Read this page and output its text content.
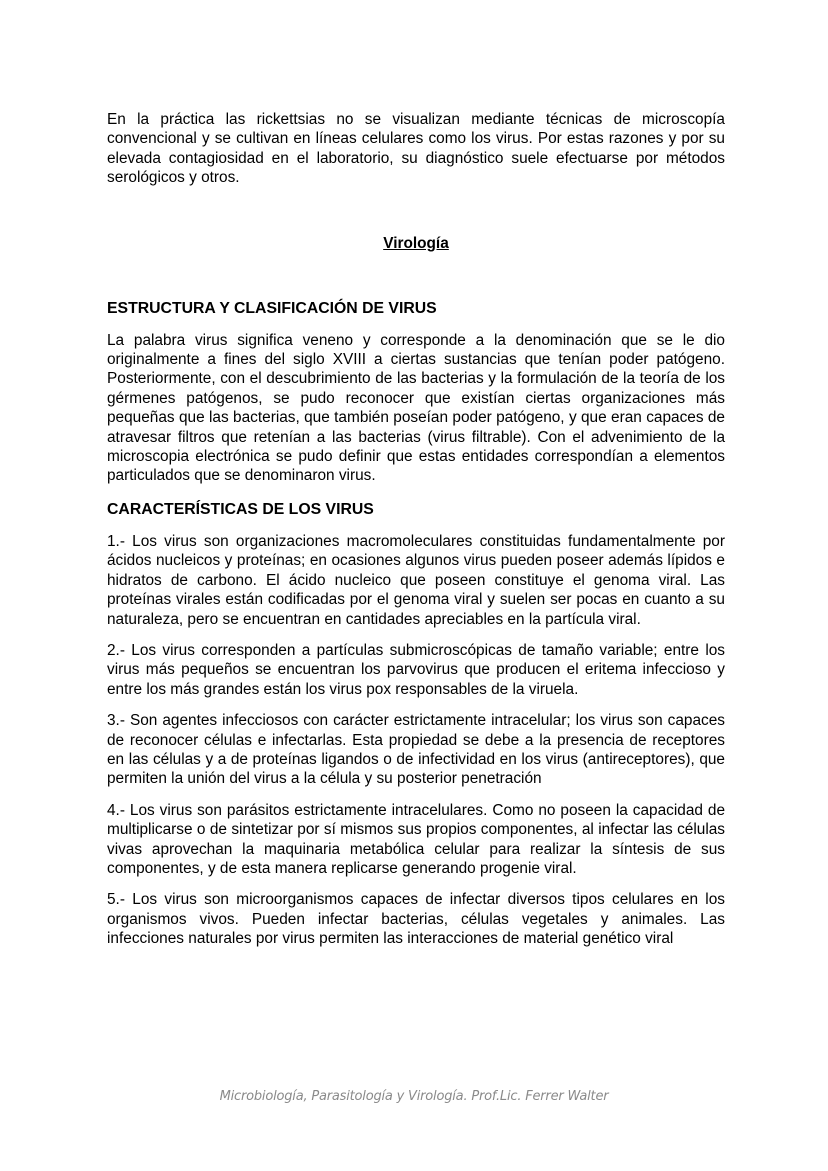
En la práctica las rickettsias no se visualizan mediante técnicas de microscopía convencional y se cultivan en líneas celulares como los virus. Por estas razones y por su elevada contagiosidad en el laboratorio, su diagnóstico suele efectuarse por métodos serológicos y otros.

Virología
ESTRUCTURA Y CLASIFICACIÓN DE VIRUS

La palabra virus significa veneno y corresponde a la denominación que se le dio originalmente a fines del siglo XVIII a ciertas sustancias que tenían poder patógeno. Posteriormente, con el descubrimiento de las bacterias y la formulación de la teoría de los gérmenes patógenos, se pudo reconocer que existían ciertas organizaciones más pequeñas que las bacterias, que también poseían poder patógeno, y que eran capaces de atravesar filtros que retenían a las bacterias (virus filtrable). Con el advenimiento de la microscopia electrónica se pudo definir que estas entidades correspondían a elementos particulados que se denominaron virus.

CARACTERÍSTICAS DE LOS VIRUS

1.- Los virus son organizaciones macromoleculares constituidas fundamentalmente por ácidos nucleicos y proteínas; en ocasiones algunos virus pueden poseer además lípidos e hidratos de carbono. El ácido nucleico que poseen constituye el genoma viral. Las proteínas virales están codificadas por el genoma viral y suelen ser pocas en cuanto a su naturaleza, pero se encuentran en cantidades apreciables en la partícula viral.

2.- Los virus corresponden a partículas submicroscópicas de tamaño variable; entre los virus más pequeños se encuentran los parvovirus que producen el eritema infeccioso y entre los más grandes están los virus pox responsables de la viruela.

3.- Son agentes infecciosos con carácter estrictamente intracelular; los virus son capaces de reconocer células e infectarlas. Esta propiedad se debe a la presencia de receptores en las células y a de proteínas ligandos o de infectividad en los virus (antireceptores), que permiten la unión del virus a la célula y su posterior penetración

4.- Los virus son parásitos estrictamente intracelulares. Como no poseen la capacidad de multiplicarse o de sintetizar por sí mismos sus propios componentes, al infectar las células vivas aprovechan la maquinaria metabólica celular para realizar la síntesis de sus componentes, y de esta manera replicarse generando progenie viral.

5.- Los virus son microorganismos capaces de infectar diversos tipos celulares en los organismos vivos. Pueden infectar bacterias, células vegetales y animales. Las infecciones naturales por virus permiten las interacciones de material genético viral

Microbiología, Parasitología y Virología. Prof.Lic. Ferrer Walter
